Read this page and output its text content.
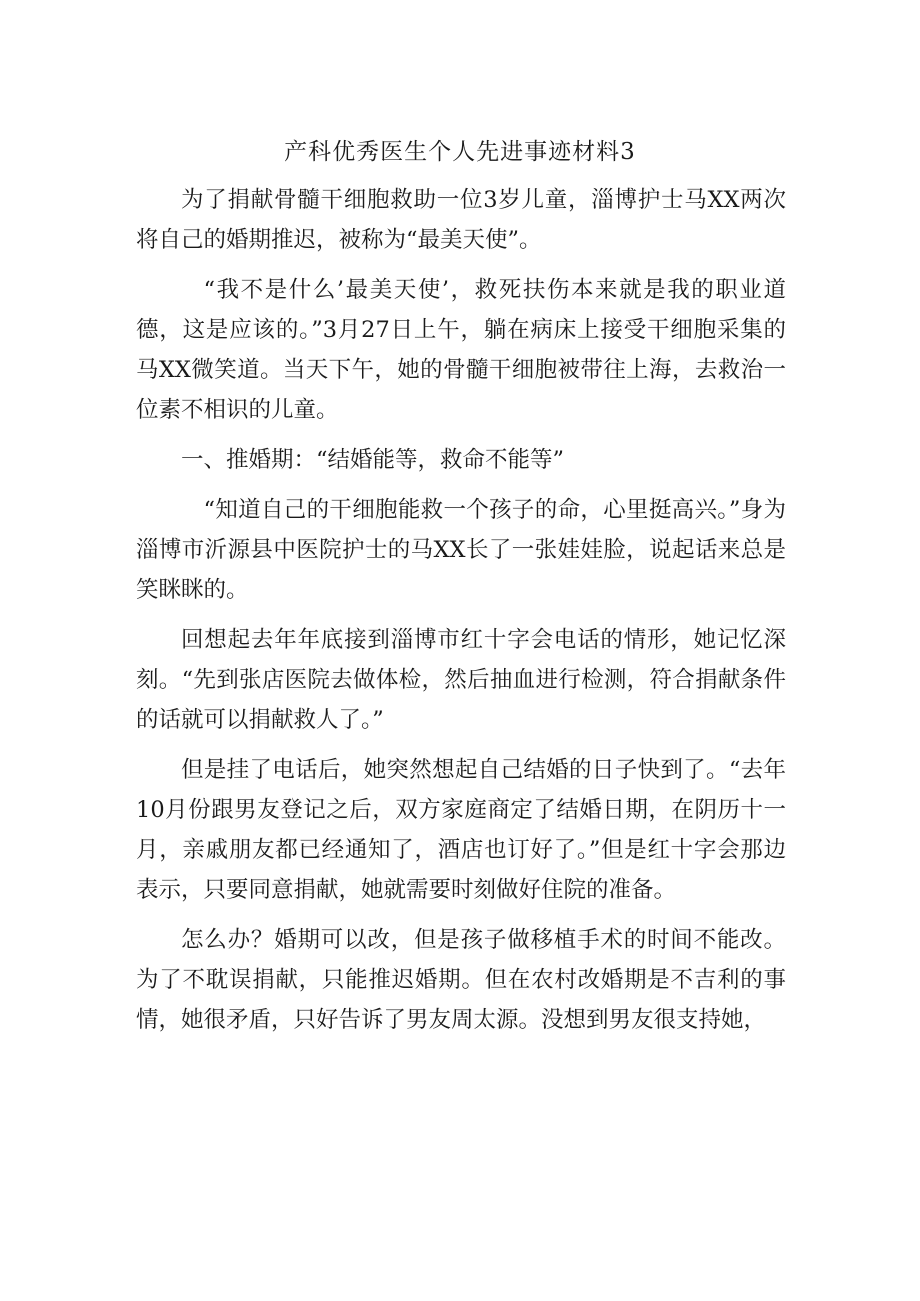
产科优秀医生个人先进事迹材料3

为了捐献骨髓干细胞救助一位3岁儿童，淄博护士马XX两次将自己的婚期推迟，被称为“最美天使”。

“我不是什么’最美天使’，救死扶伤本来就是我的职业道德，这是应该的。”3月27日上午，躺在病床上接受干细胞采集的马XX微笑道。当天下午，她的骨髓干细胞被带往上海，去救治一位素不相识的儿童。

一、推婚期：“结婚能等，救命不能等”

“知道自己的干细胞能救一个孩子的命，心里挺高兴。”身为淄博市沂源县中医院护士的马XX长了一张娃娃脸，说起话来总是笑眯眯的。

回想起去年年底接到淄博市红十字会电话的情形，她记忆深刻。“先到张店医院去做体检，然后抽血进行检测，符合捐献条件的话就可以捐献救人了。”

但是挂了电话后，她突然想起自己结婚的日子快到了。“去年10月份跟男友登记之后，双方家庭商定了结婚日期，在阴历十一月，亲戚朋友都已经通知了，酒店也订好了。”但是红十字会那边表示，只要同意捐献，她就需要时刻做好住院的准备。

怎么办？婚期可以改，但是孩子做移植手术的时间不能改。为了不耽误捐献，只能推迟婚期。但在农村改婚期是不吉利的事情，她很矛盾，只好告诉了男友周太源。没想到男友很支持她，
